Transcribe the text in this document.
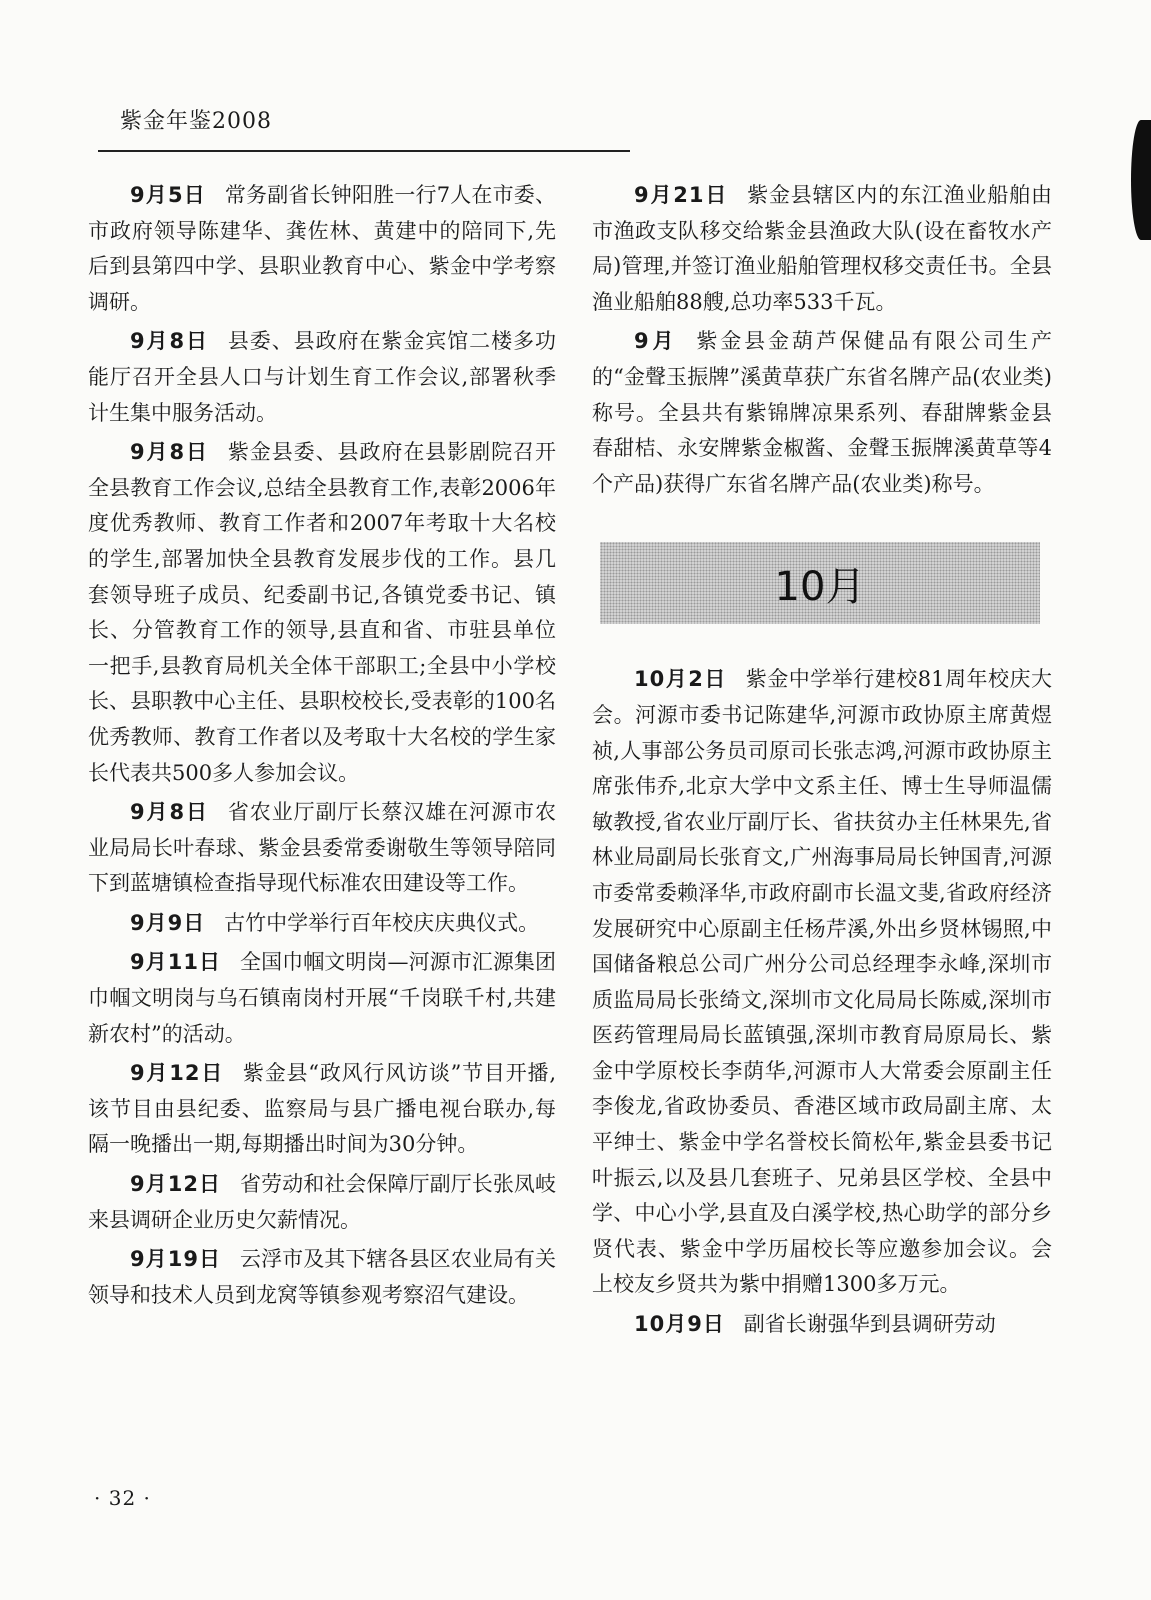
紫金年鉴2008

9月5日 常务副省长钟阳胜一行7人在市委、市政府领导陈建华、龚佐林、黄建中的陪同下,先后到县第四中学、县职业教育中心、紫金中学考察调研。

9月8日 县委、县政府在紫金宾馆二楼多功能厅召开全县人口与计划生育工作会议,部署秋季计生集中服务活动。

9月8日 紫金县委、县政府在县影剧院召开全县教育工作会议,总结全县教育工作,表彰2006年度优秀教师、教育工作者和2007年考取十大名校的学生,部署加快全县教育发展步伐的工作。县几套领导班子成员、纪委副书记,各镇党委书记、镇长、分管教育工作的领导,县直和省、市驻县单位一把手,县教育局机关全体干部职工;全县中小学校长、县职教中心主任、县职校校长,受表彰的100名优秀教师、教育工作者以及考取十大名校的学生家长代表共500多人参加会议。

9月8日 省农业厅副厅长蔡汉雄在河源市农业局局长叶春球、紫金县委常委谢敬生等领导陪同下到蓝塘镇检查指导现代标准农田建设等工作。

9月9日 古竹中学举行百年校庆庆典仪式。

9月11日 全国巾帼文明岗—河源市汇源集团巾帼文明岗与乌石镇南岗村开展“千岗联千村,共建新农村”的活动。

9月12日 紫金县“政风行风访谈”节目开播,该节目由县纪委、监察局与县广播电视台联办,每隔一晚播出一期,每期播出时间为30分钟。

9月12日 省劳动和社会保障厅副厅长张凤岐来县调研企业历史欠薪情况。

9月19日 云浮市及其下辖各县区农业局有关领导和技术人员到龙窝等镇参观考察沼气建设。

9月21日 紫金县辖区内的东江渔业船舶由市渔政支队移交给紫金县渔政大队(设在畜牧水产局)管理,并签订渔业船舶管理权移交责任书。全县渔业船舶88艘,总功率533千瓦。

9月 紫金县金葫芦保健品有限公司生产的“金聲玉振牌”溪黄草获广东省名牌产品(农业类)称号。全县共有紫锦牌凉果系列、春甜牌紫金县春甜桔、永安牌紫金椒酱、金聲玉振牌溪黄草等4个产品)获得广东省名牌产品(农业类)称号。

10月

10月2日 紫金中学举行建校81周年校庆大会。河源市委书记陈建华,河源市政协原主席黄煜祯,人事部公务员司原司长张志鸿,河源市政协原主席张伟乔,北京大学中文系主任、博士生导师温儒敏教授,省农业厅副厅长、省扶贫办主任林果先,省林业局副局长张育文,广州海事局局长钟国青,河源市委常委赖泽华,市政府副市长温文斐,省政府经济发展研究中心原副主任杨芹溪,外出乡贤林锡照,中国储备粮总公司广州分公司总经理李永峰,深圳市质监局局长张绮文,深圳市文化局局长陈威,深圳市医药管理局局长蓝镇强,深圳市教育局原局长、紫金中学原校长李荫华,河源市人大常委会原副主任李俊龙,省政协委员、香港区域市政局副主席、太平绅士、紫金中学名誉校长简松年,紫金县委书记叶振云,以及县几套班子、兄弟县区学校、全县中学、中心小学,县直及白溪学校,热心助学的部分乡贤代表、紫金中学历届校长等应邀参加会议。会上校友乡贤共为紫中捐赠1300多万元。

10月9日 副省长谢强华到县调研劳动

· 32 ·
